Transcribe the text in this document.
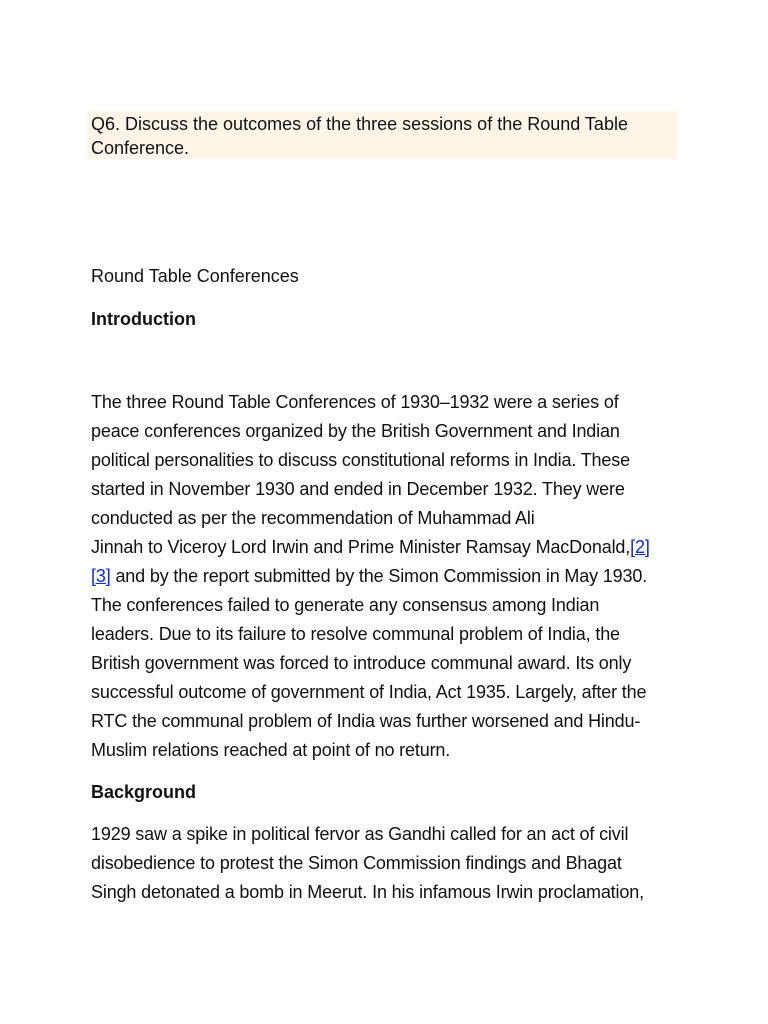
Q6. Discuss the outcomes of the three sessions of the Round Table
Conference.
Round Table Conferences
Introduction
The three Round Table Conferences of 1930–1932 were a series of
peace conferences organized by the British Government and Indian
political personalities to discuss constitutional reforms in India. These
started in November 1930 and ended in December 1932. They were
conducted as per the recommendation of Muhammad Ali
Jinnah to Viceroy Lord Irwin and Prime Minister Ramsay MacDonald,[2]
[3] and by the report submitted by the Simon Commission in May 1930.
The conferences failed to generate any consensus among Indian
leaders. Due to its failure to resolve communal problem of India, the
British government was forced to introduce communal award. Its only
successful outcome of government of India, Act 1935. Largely, after the
RTC the communal problem of India was further worsened and Hindu-
Muslim relations reached at point of no return.
Background
1929 saw a spike in political fervor as Gandhi called for an act of civil
disobedience to protest the Simon Commission findings and Bhagat
Singh detonated a bomb in Meerut. In his infamous Irwin proclamation,
